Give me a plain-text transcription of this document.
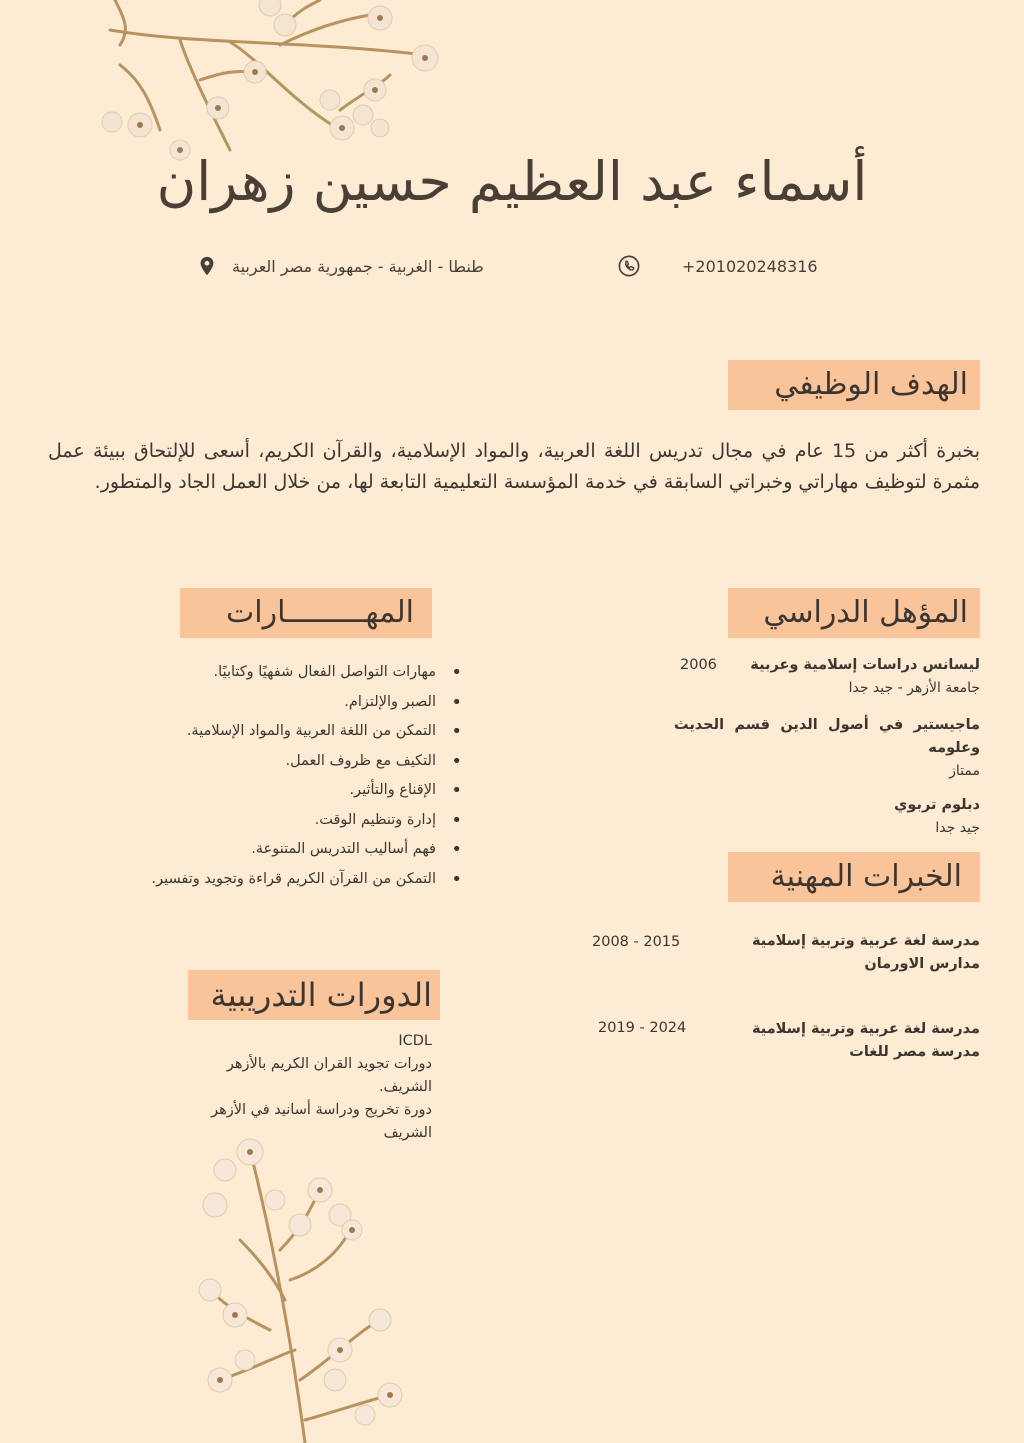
أسماء عبد العظيم حسين زهران
+201020248316
طنطا - الغربية - جمهورية مصر العربية
الهدف الوظيفي
بخبرة أكثر من 15 عام في مجال تدريس اللغة العربية، والمواد الإسلامية، والقرآن الكريم، أسعى للإلتحاق ببيئة عمل مثمرة لتوظيف مهاراتي وخبراتي السابقة في خدمة المؤسسة التعليمية التابعة لها، من خلال العمل الجاد والمتطور.
المؤهل الدراسي
ليسانس دراسات إسلامية وعربية
جامعة الأزهر - جيد جدا
2006
ماجيستير في أصول الدين قسم الحديث وعلومه
ممتاز
دبلوم تربوي
جيد جدا
الخبرات المهنية
مدرسة لغة عربية وتربية إسلامية
مدارس الاورمان
2008 - 2015
مدرسة لغة عربية وتربية إسلامية
مدرسة مصر للغات
2019 - 2024
المهـــــــــارات
• مهارات التواصل الفعال شفهيًا وكتابيًا.
• الصبر والإلتزام.
• التمكن من اللغة العربية والمواد الإسلامية.
• التكيف مع ظروف العمل.
• الإقناع والتأثير.
• إدارة وتنظيم الوقت.
• فهم أساليب التدريس المتنوعة.
• التمكن من القرآن الكريم قراءة وتجويد وتفسير.
الدورات التدريبية
ICDL
دورات تجويد القران الكريم بالأزهر الشريف.
دورة تخريج ودراسة أسانيد في الأزهر الشريف
